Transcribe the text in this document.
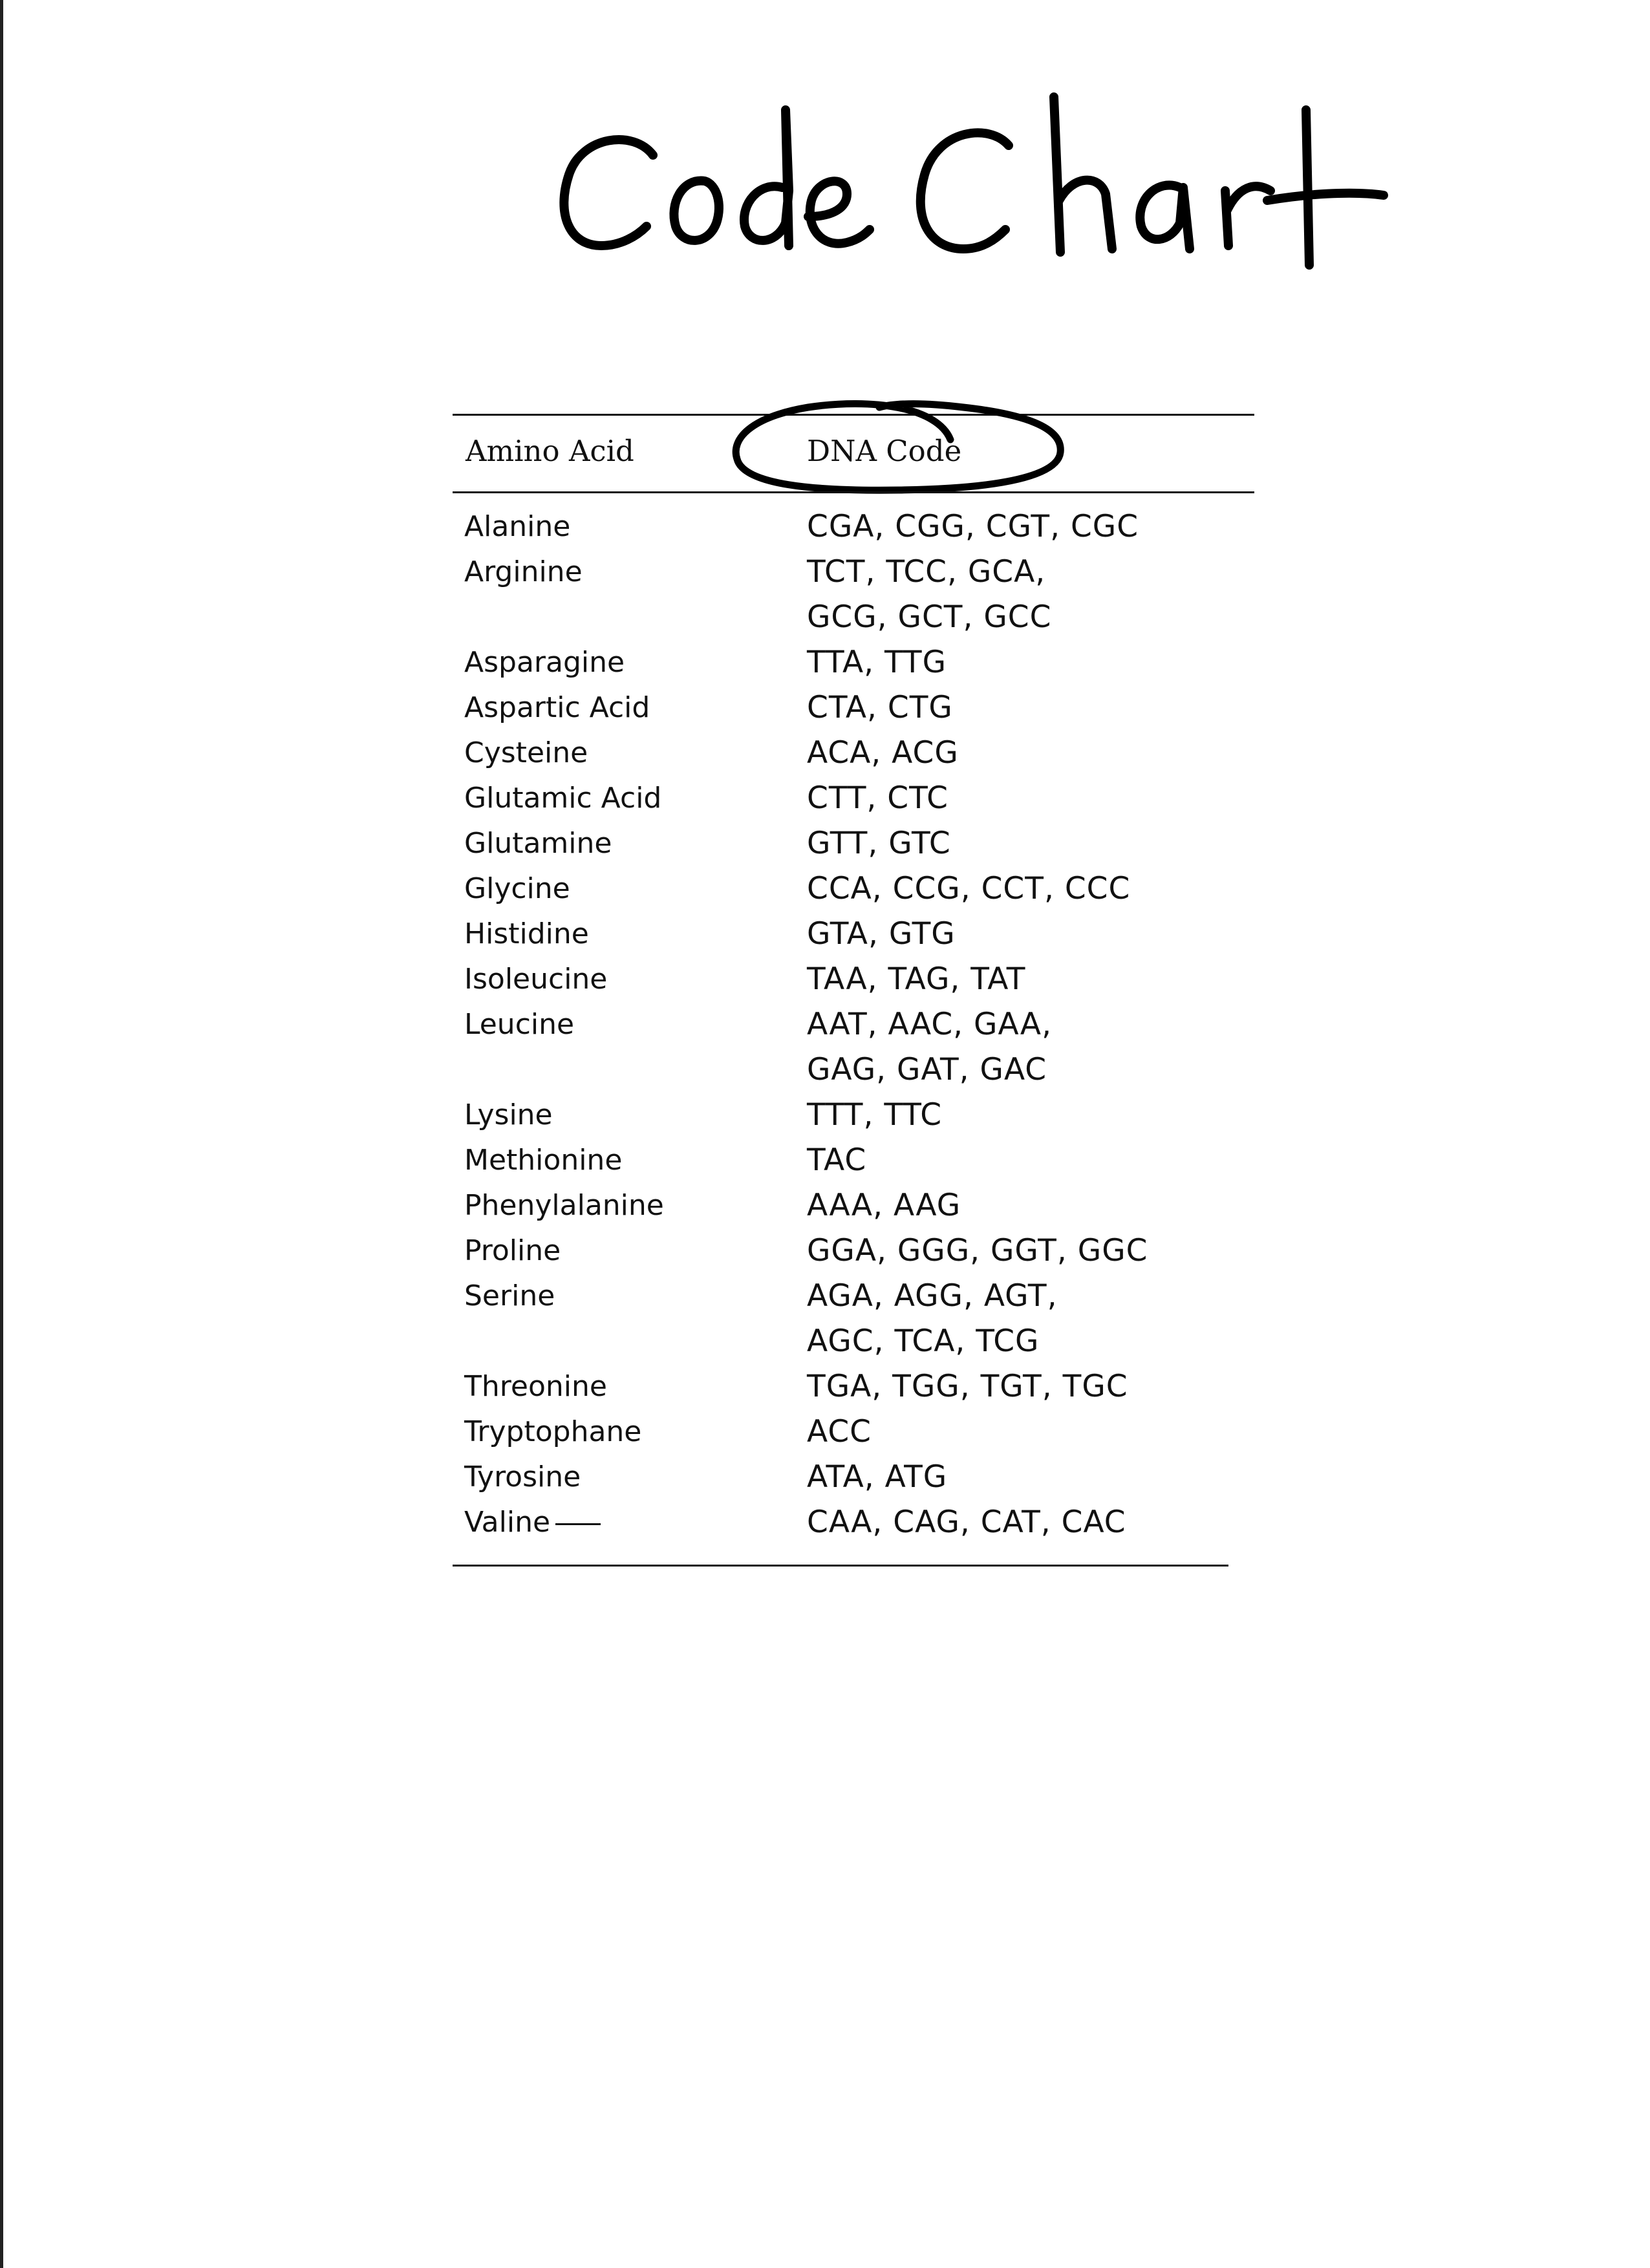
Amino Acid	DNA Code
Alanine	CGA, CGG, CGT, CGC
Arginine	TCT, TCC, GCA,
GCG, GCT, GCC
Asparagine	TTA, TTG
Aspartic Acid	CTA, CTG
Cysteine	ACA, ACG
Glutamic Acid	CTT, CTC
Glutamine	GTT, GTC
Glycine	CCA, CCG, CCT, CCC
Histidine	GTA, GTG
Isoleucine	TAA, TAG, TAT
Leucine	AAT, AAC, GAA,
GAG, GAT, GAC
Lysine	TTT, TTC
Methionine	TAC
Phenylalanine	AAA, AAG
Proline	GGA, GGG, GGT, GGC
Serine	AGA, AGG, AGT,
AGC, TCA, TCG
Threonine	TGA, TGG, TGT, TGC
Tryptophane	ACC
Tyrosine	ATA, ATG
Valine	CAA, CAG, CAT, CAC
